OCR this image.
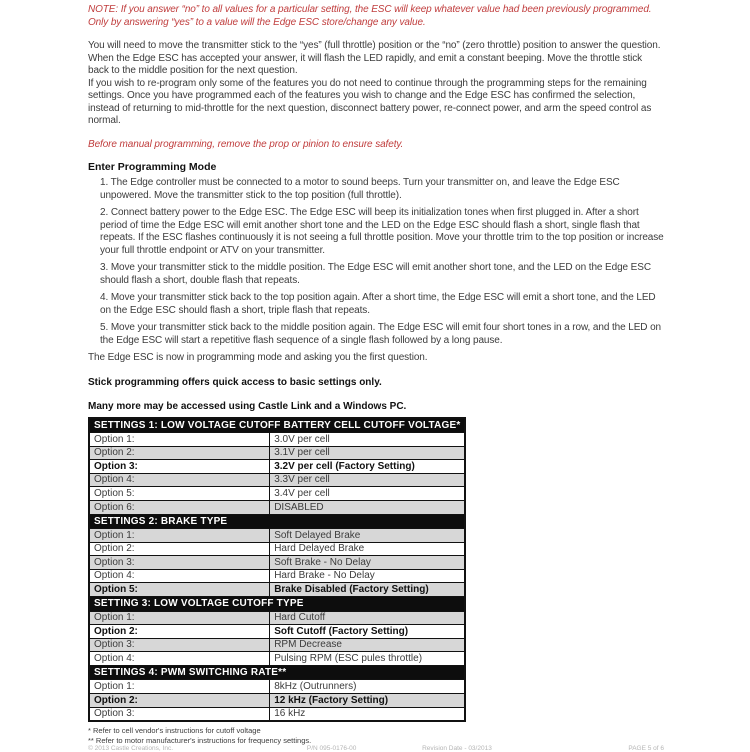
NOTE: If you answer “no” to all values for a particular setting, the ESC will keep whatever value had been previously programmed. Only by answering “yes” to a value will the Edge ESC store/change any value.

You will need to move the transmitter stick to the “yes” (full throttle) position or the “no” (zero throttle) position to answer the question. When the Edge ESC has accepted your answer, it will flash the LED rapidly, and emit a constant beeping. Move the throttle stick back to the middle position for the next question.

If you wish to re-program only some of the features you do not need to continue through the programming steps for the remaining settings. Once you have programmed each of the features you wish to change and the Edge ESC has confirmed the selection, instead of returning to mid-throttle for the next question, disconnect battery power, re-connect power, and arm the speed control as normal.

Before manual programming, remove the prop or pinion to ensure safety.

Enter Programming Mode

1. The Edge controller must be connected to a motor to sound beeps. Turn your transmitter on, and leave the Edge ESC unpowered. Move the transmitter stick to the top position (full throttle).

2. Connect battery power to the Edge ESC. The Edge ESC will beep its initialization tones when first plugged in. After a short period of time the Edge ESC will emit another short tone and the LED on the Edge ESC should flash a short, single flash that repeats. If the ESC flashes continuously it is not seeing a full throttle position. Move your throttle trim to the top position or increase your full throttle endpoint or ATV on your transmitter.

3. Move your transmitter stick to the middle position. The Edge ESC will emit another short tone, and the LED on the Edge ESC should flash a short, double flash that repeats.

4. Move your transmitter stick back to the top position again. After a short time, the Edge ESC will emit a short tone, and the LED on the Edge ESC should flash a short, triple flash that repeats.

5. Move your transmitter stick back to the middle position again. The Edge ESC will emit four short tones in a row, and the LED on the Edge ESC will start a repetitive flash sequence of a single flash followed by a long pause.

The Edge ESC is now in programming mode and asking you the first question.

Stick programming offers quick access to basic settings only.

Many more may be accessed using Castle Link and a Windows PC.

SETTINGS 1: LOW VOLTAGE CUTOFF BATTERY CELL CUTOFF VOLTAGE*	
Option 1:	3.0V per cell
Option 2:	3.1V per cell
Option 3:	3.2V per cell (Factory Setting)
Option 4:	3.3V per cell
Option 5:	3.4V per cell
Option 6:	DISABLED
SETTINGS 2: BRAKE TYPE	
Option 1:	Soft Delayed Brake
Option 2:	Hard Delayed Brake
Option 3:	Soft Brake - No Delay
Option 4:	Hard Brake - No Delay
Option 5:	Brake Disabled (Factory Setting)
SETTING 3: LOW VOLTAGE CUTOFF TYPE	
Option 1:	Hard Cutoff
Option 2:	Soft Cutoff (Factory Setting)
Option 3:	RPM Decrease
Option 4:	Pulsing RPM (ESC pules throttle)
SETTINGS 4: PWM SWITCHING RATE**	
Option 1:	8kHz (Outrunners)
Option 2:	12 kHz (Factory Setting)
Option 3:	16 kHz
* Refer to cell vendor's instructions for cutoff voltage
** Refer to motor manufacturer's instructions for frequency settings.
© 2013 Castle Creations, Inc.	P/N 095-0176-00	Revision Date - 03/2013	PAGE 5 of 6
